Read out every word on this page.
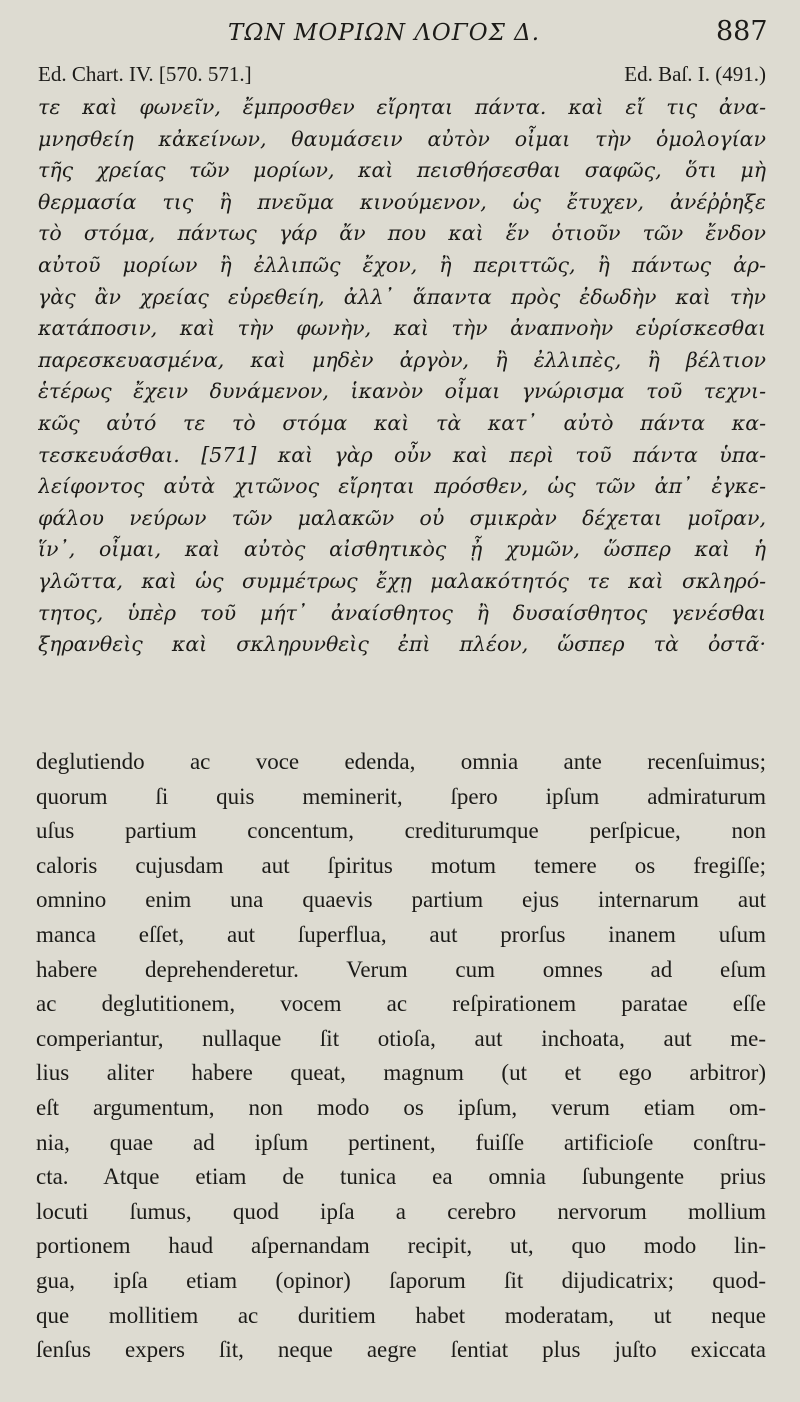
ΤΩΝ ΜΟΡΙΩΝ ΛΟΓΟΣ Δ.	887
Ed. Chart. IV. [570. 571.]	Ed. Baſ. I. (491.)
τε καὶ φωνεῖν, ἔμπροσθεν εἴρηται πάντα. καὶ εἴ τις ἀνα-
μνησθείη κἀκείνων, θαυμάσειν αὐτὸν οἶμαι τὴν ὁμολογίαν
τῆς χρείας τῶν μορίων, καὶ πεισθήσεσθαι σαφῶς, ὅτι μὴ
θερμασία τις ἢ πνεῦμα κινούμενον, ὡς ἔτυχεν, ἀνέῤῥηξε
τὸ στόμα, πάντως γάρ ἄν που καὶ ἕν ὁτιοῦν τῶν ἔνδον
αὐτοῦ μορίων ἢ ἐλλιπῶς ἔχον, ἢ περιττῶς, ἢ πάντως ἀρ-
γὰς ἂν χρείας εὑρεθείη, ἀλλ᾿ ἅπαντα πρὸς ἐδωδὴν καὶ τὴν
κατάποσιν, καὶ τὴν φωνὴν, καὶ τὴν ἀναπνοὴν εὑρίσκεσθαι
παρεσκευασμένα, καὶ μηδὲν ἀργὸν, ἢ ἐλλιπὲς, ἢ βέλτιον
ἑτέρως ἔχειν δυνάμενον, ἱκανὸν οἶμαι γνώρισμα τοῦ τεχνι-
κῶς αὐτό τε τὸ στόμα καὶ τὰ κατ᾿ αὐτὸ πάντα κα-
τεσκευάσθαι. [571] καὶ γὰρ οὖν καὶ περὶ τοῦ πάντα ὑπα-
λείφοντος αὐτὰ χιτῶνος εἴρηται πρόσθεν, ὡς τῶν ἀπ᾿ ἐγκε-
φάλου νεύρων τῶν μαλακῶν οὐ σμικρὰν δέχεται μοῖραν,
ἵν᾿, οἶμαι, καὶ αὐτὸς αἰσθητικὸς ᾖ χυμῶν, ὥσπερ καὶ ἡ
γλῶττα, καὶ ὡς συμμέτρως ἔχῃ μαλακότητός τε καὶ σκληρό-
τητος, ὑπὲρ τοῦ μήτ᾿ ἀναίσθητος ἢ δυσαίσθητος γενέσθαι
ξηρανθεὶς καὶ σκληρυνθεὶς ἐπὶ πλέον, ὥσπερ τὰ ὀστᾶ·
deglutiendo ac voce edenda, omnia ante recenſuimus;
quorum ſi quis meminerit, ſpero ipſum admiraturum
uſus partium concentum, crediturumque perſpicue, non
caloris cujusdam aut ſpiritus motum temere os fregiſſe;
omnino enim una quaevis partium ejus internarum aut
manca eſſet, aut ſuperflua, aut prorſus inanem uſum
habere deprehenderetur. Verum cum omnes ad eſum
ac deglutitionem, vocem ac reſpirationem paratae eſſe
comperiantur, nullaque ſit otioſa, aut inchoata, aut me-
lius aliter habere queat, magnum (ut et ego arbitror)
eſt argumentum, non modo os ipſum, verum etiam om-
nia, quae ad ipſum pertinent, fuiſſe artificioſe conſtru-
cta. Atque etiam de tunica ea omnia ſubungente prius
locuti ſumus, quod ipſa a cerebro nervorum mollium
portionem haud aſpernandam recipit, ut, quo modo lin-
gua, ipſa etiam (opinor) ſaporum ſit dijudicatrix; quod-
que mollitiem ac duritiem habet moderatam, ut neque
ſenſus expers ſit, neque aegre ſentiat plus juſto exiccata
